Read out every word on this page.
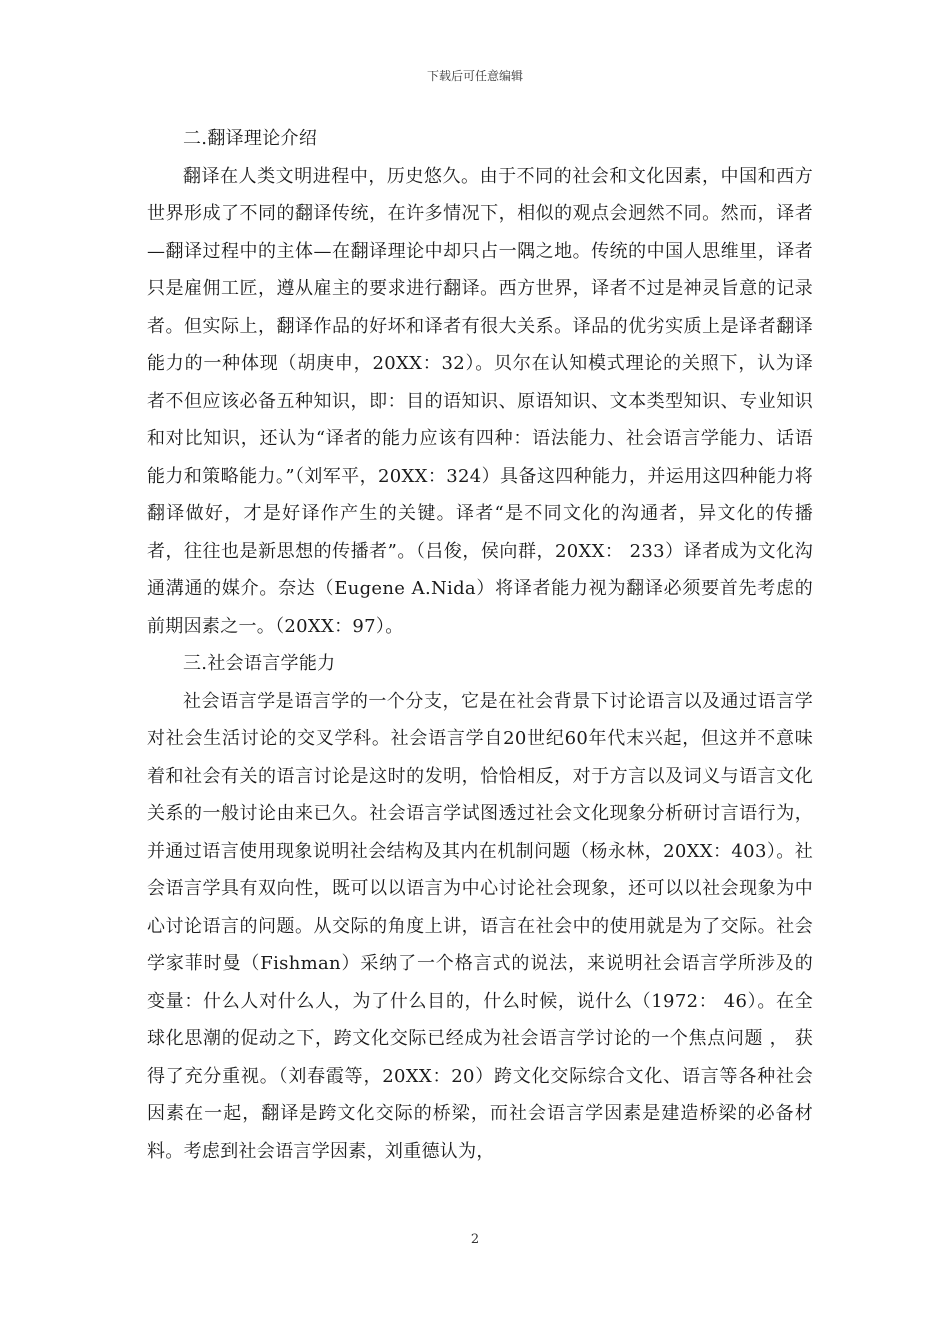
下载后可任意编辑

二.翻译理论介绍

翻译在人类文明进程中，历史悠久。由于不同的社会和文化因素，中国和西方世界形成了不同的翻译传统，在许多情况下，相似的观点会迥然不同。然而，译者—翻译过程中的主体—在翻译理论中却只占一隅之地。传统的中国人思维里，译者只是雇佣工匠，遵从雇主的要求进行翻译。西方世界，译者不过是神灵旨意的记录者。但实际上，翻译作品的好坏和译者有很大关系。译品的优劣实质上是译者翻译能力的一种体现（胡庚申，20XX：32）。贝尔在认知模式理论的关照下，认为译者不但应该必备五种知识，即：目的语知识、原语知识、文本类型知识、专业知识和对比知识，还认为“译者的能力应该有四种：语法能力、社会语言学能力、话语能力和策略能力。”（刘军平，20XX：324）具备这四种能力，并运用这四种能力将翻译做好，才是好译作产生的关键。译者“是不同文化的沟通者，异文化的传播者，往往也是新思想的传播者”。（吕俊，侯向群，20XX： 233）译者成为文化沟通溝通的媒介。奈达（Eugene A.Nida）将译者能力视为翻译必须要首先考虑的前期因素之一。（20XX：97）。

三.社会语言学能力

社会语言学是语言学的一个分支，它是在社会背景下讨论语言以及通过语言学对社会生活讨论的交叉学科。社会语言学自20世纪60年代末兴起，但这并不意味着和社会有关的语言讨论是这时的发明，恰恰相反，对于方言以及词义与语言文化关系的一般讨论由来已久。社会语言学试图透过社会文化现象分析研讨言语行为，并通过语言使用现象说明社会结构及其内在机制问题（杨永林，20XX：403）。社会语言学具有双向性，既可以以语言为中心讨论社会现象，还可以以社会现象为中心讨论语言的问题。从交际的角度上讲，语言在社会中的使用就是为了交际。社会学家菲时曼（Fishman）采纳了一个格言式的说法，来说明社会语言学所涉及的变量：什么人对什么人，为了什么目的，什么时候，说什么（1972： 46）。在全球化思潮的促动之下，跨文化交际已经成为社会语言学讨论的一个焦点问题 ， 获得了充分重视。（刘春霞等，20XX：20）跨文化交际综合文化、语言等各种社会因素在一起，翻译是跨文化交际的桥梁，而社会语言学因素是建造桥梁的必备材料。考虑到社会语言学因素，刘重德认为，

2
